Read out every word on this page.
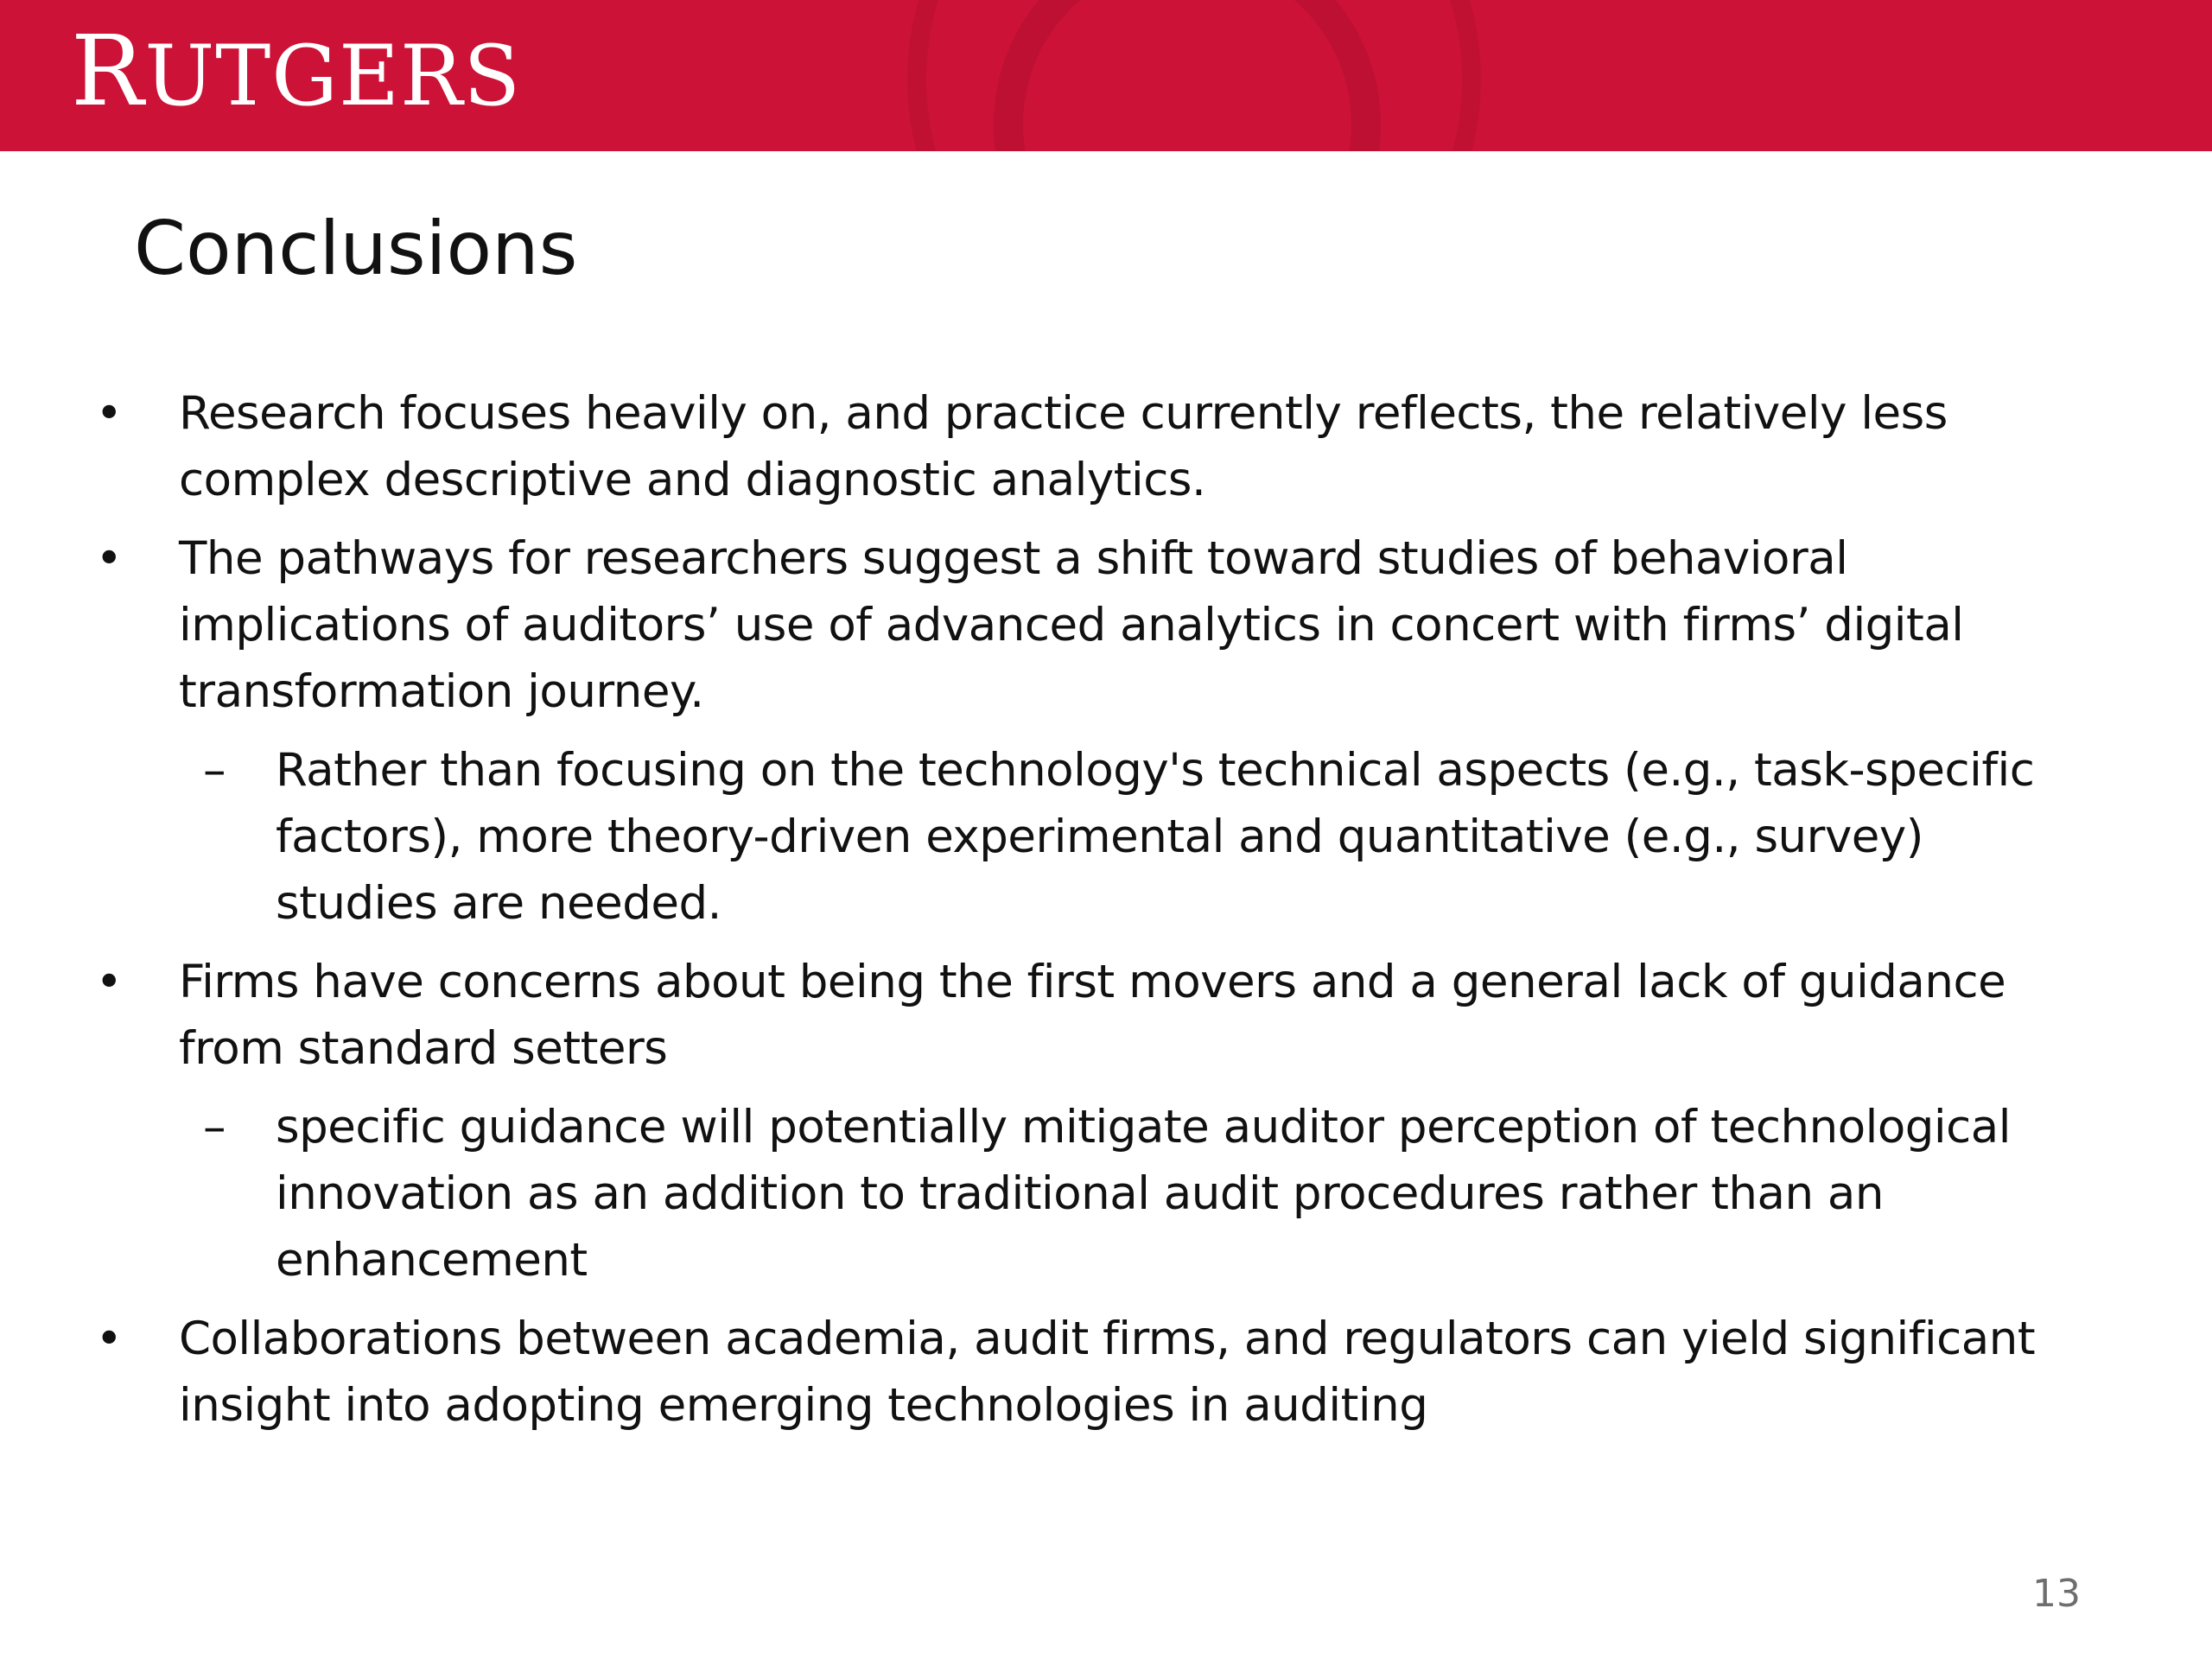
RUTGERS
Conclusions
• Research focuses heavily on, and practice currently reflects, the relatively less complex descriptive and diagnostic analytics.
• The pathways for researchers suggest a shift toward studies of behavioral implications of auditors’ use of advanced analytics in concert with firms’ digital transformation journey.
–	Rather than focusing on the technology's technical aspects (e.g., task-specific factors), more theory-driven experimental and quantitative (e.g., survey) studies are needed.
• Firms have concerns about being the first movers and a general lack of guidance from standard setters
–	specific guidance will potentially mitigate auditor perception of technological innovation as an addition to traditional audit procedures rather than an enhancement
• Collaborations between academia, audit firms, and regulators can yield significant insight into adopting emerging technologies in auditing
13
